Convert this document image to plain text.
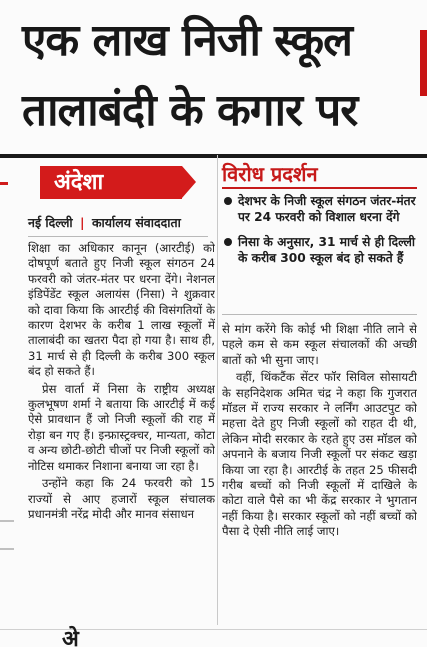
एक लाख निजी स्कूल
तालाबंदी के कगार पर
अंदेशा
नई दिल्ली | कार्यालय संवाददाता

शिक्षा का अधिकार कानून (आरटीई) को दोषपूर्ण बताते हुए निजी स्कूल संगठन 24 फरवरी को जंतर-मंतर पर धरना देंगे। नेशनल इंडिपेंडेंट स्कूल अलायंस (निसा) ने शुक्रवार को दावा किया कि आरटीई की विसंगतियों के कारण देशभर के करीब 1 लाख स्कूलों में तालाबंदी का खतरा पैदा हो गया है। साथ ही, 31 मार्च से ही दिल्ली के करीब 300 स्कूल बंद हो सकते हैं।

प्रेस वार्ता में निसा के राष्ट्रीय अध्यक्ष कुलभूषण शर्मा ने बताया कि आरटीई में कई ऐसे प्रावधान हैं जो निजी स्कूलों की राह में रोड़ा बन गए हैं। इन्फ्रास्ट्रक्चर, मान्यता, कोटा व अन्य छोटी-छोटी चीजों पर निजी स्कूलों को नोटिस थमाकर निशाना बनाया जा रहा है।

उन्होंने कहा कि 24 फरवरी को 15 राज्यों से आए हजारों स्कूल संचालक प्रधानमंत्री नरेंद्र मोदी और मानव संसाधन

विरोध प्रदर्शन
देशभर के निजी स्कूल संगठन जंतर-मंतर पर 24 फरवरी को विशाल धरना देंगे
निसा के अनुसार, 31 मार्च से ही दिल्ली के करीब 300 स्कूल बंद हो सकते हैं

से मांग करेंगे कि कोई भी शिक्षा नीति लाने से पहले कम से कम स्कूल संचालकों की अच्छी बातों को भी सुना जाए।

वहीं, थिंकटैंक सेंटर फॉर सिविल सोसायटी के सहनिदेशक अमित चंद्र ने कहा कि गुजरात मॉडल में राज्य सरकार ने लर्निंग आउटपुट को महत्ता देते हुए निजी स्कूलों को राहत दी थी, लेकिन मोदी सरकार के रहते हुए उस मॉडल को अपनाने के बजाय निजी स्कूलों पर संकट खड़ा किया जा रहा है। आरटीई के तहत 25 फीसदी गरीब बच्चों को निजी स्कूलों में दाखिले के कोटा वाले पैसे का भी केंद्र सरकार ने भुगतान नहीं किया है। सरकार स्कूलों को नहीं बच्चों को पैसा दे ऐसी नीति लाई जाए।

अे
